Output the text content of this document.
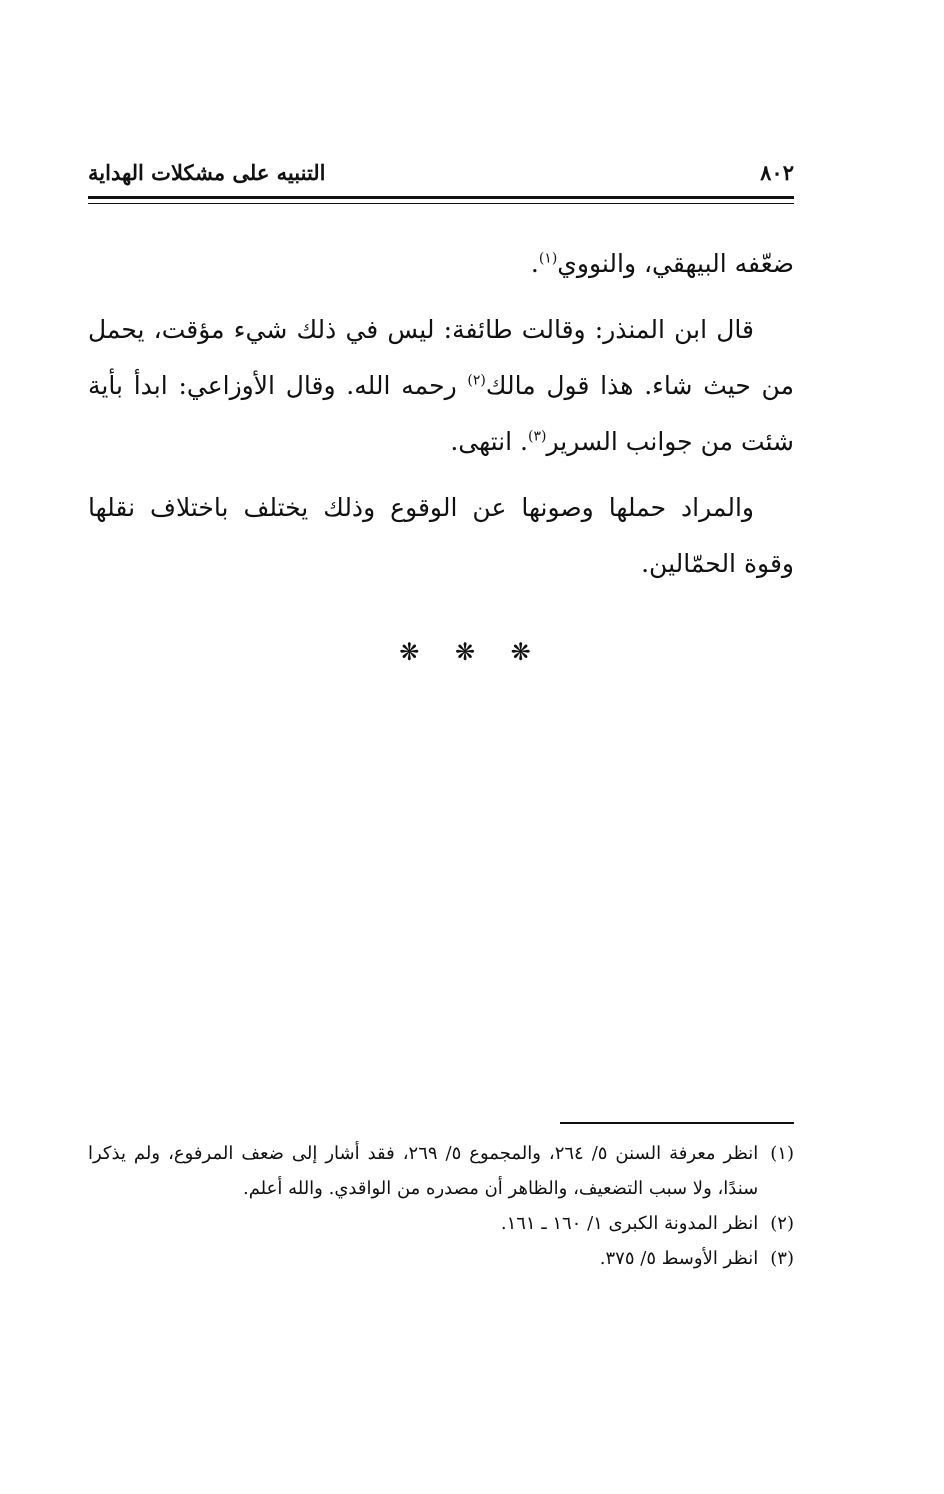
٨٠٢
التنبيه على مشكلات الهداية

ضعّفه البيهقي، والنووي$^{(١)}$.

قال ابن المنذر: وقالت طائفة: ليس في ذلك شيء مؤقت، يحمل من حيث شاء. هذا قول مالك$^{(٢)}$ رحمه الله. وقال الأوزاعي: ابدأ بأية شئت من جوانب السرير$^{(٣)}$. انتهى.

والمراد حملها وصونها عن الوقوع وذلك يختلف باختلاف نقلها وقوة الحمّالين.

❋ ❋ ❋
(١)
انظر معرفة السنن ٥/ ٢٦٤، والمجموع ٥/ ٢٦٩، فقد أشار إلى ضعف المرفوع، ولم يذكرا سندًا، ولا سبب التضعيف، والظاهر أن مصدره من الواقدي. والله أعلم.
(٢)
انظر المدونة الكبرى ١/ ١٦٠ ـ ١٦١.
(٣)
انظر الأوسط ٥/ ٣٧٥.
